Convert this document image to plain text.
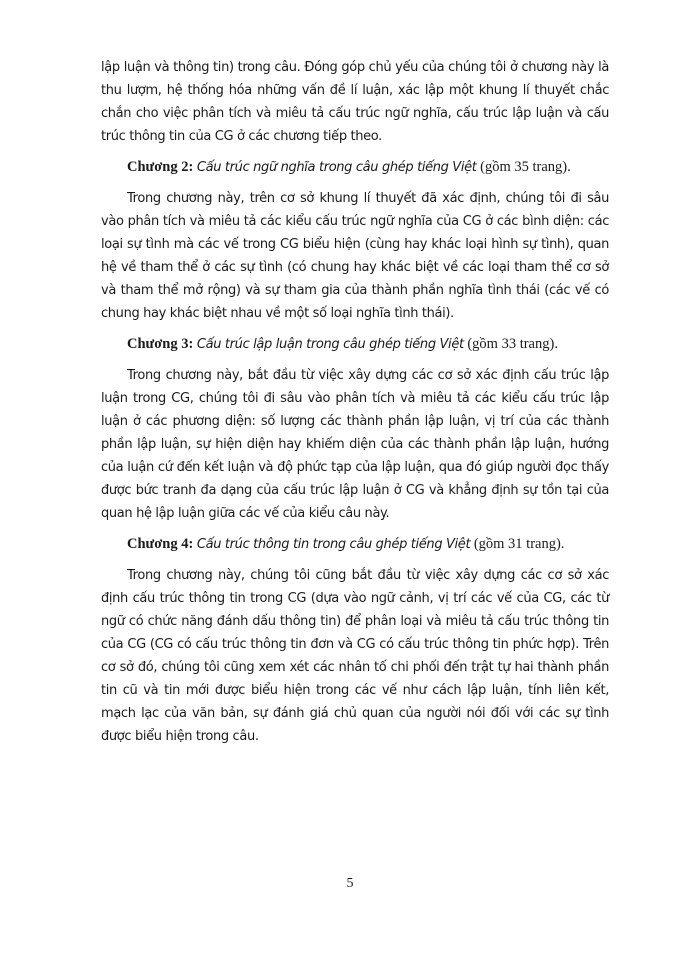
lập luận và thông tin) trong câu. Đóng góp chủ yếu của chúng tôi ở chương này là thu lượm, hệ thống hóa những vấn đề lí luận, xác lập một khung lí thuyết chắc chắn cho việc phân tích và miêu tả cấu trúc ngữ nghĩa, cấu trúc lập luận và cấu trúc thông tin của CG ở các chương tiếp theo.

Chương 2: Cấu trúc ngữ nghĩa trong câu ghép tiếng Việt (gồm 35 trang).

Trong chương này, trên cơ sở khung lí thuyết đã xác định, chúng tôi đi sâu vào phân tích và miêu tả các kiểu cấu trúc ngữ nghĩa của CG ở các bình diện: các loại sự tình mà các vế trong CG biểu hiện (cùng hay khác loại hình sự tình), quan hệ về tham thể ở các sự tình (có chung hay khác biệt về các loại tham thể cơ sở và tham thể mở rộng) và sự tham gia của thành phần nghĩa tình thái (các vế có chung hay khác biệt nhau về một số loại nghĩa tình thái).

Chương 3: Cấu trúc lập luận trong câu ghép tiếng Việt (gồm 33 trang).

Trong chương này, bắt đầu từ việc xây dựng các cơ sở xác định cấu trúc lập luận trong CG, chúng tôi đi sâu vào phân tích và miêu tả các kiểu cấu trúc lập luận ở các phương diện: số lượng các thành phần lập luận, vị trí của các thành phần lập luận, sự hiện diện hay khiếm diện của các thành phần lập luận, hướng của luận cứ đến kết luận và độ phức tạp của lập luận, qua đó giúp người đọc thấy được bức tranh đa dạng của cấu trúc lập luận ở CG và khẳng định sự tồn tại của quan hệ lập luận giữa các vế của kiểu câu này.

Chương 4: Cấu trúc thông tin trong câu ghép tiếng Việt (gồm 31 trang).

Trong chương này, chúng tôi cũng bắt đầu từ việc xây dựng các cơ sở xác định cấu trúc thông tin trong CG (dựa vào ngữ cảnh, vị trí các vế của CG, các từ ngữ có chức năng đánh dấu thông tin) để phân loại và miêu tả cấu trúc thông tin của CG (CG có cấu trúc thông tin đơn và CG có cấu trúc thông tin phức hợp). Trên cơ sở đó, chúng tôi cũng xem xét các nhân tố chi phối đến trật tự hai thành phần tin cũ và tin mới được biểu hiện trong các vế như cách lập luận, tính liên kết, mạch lạc của văn bản, sự đánh giá chủ quan của người nói đối với các sự tình được biểu hiện trong câu.

5
